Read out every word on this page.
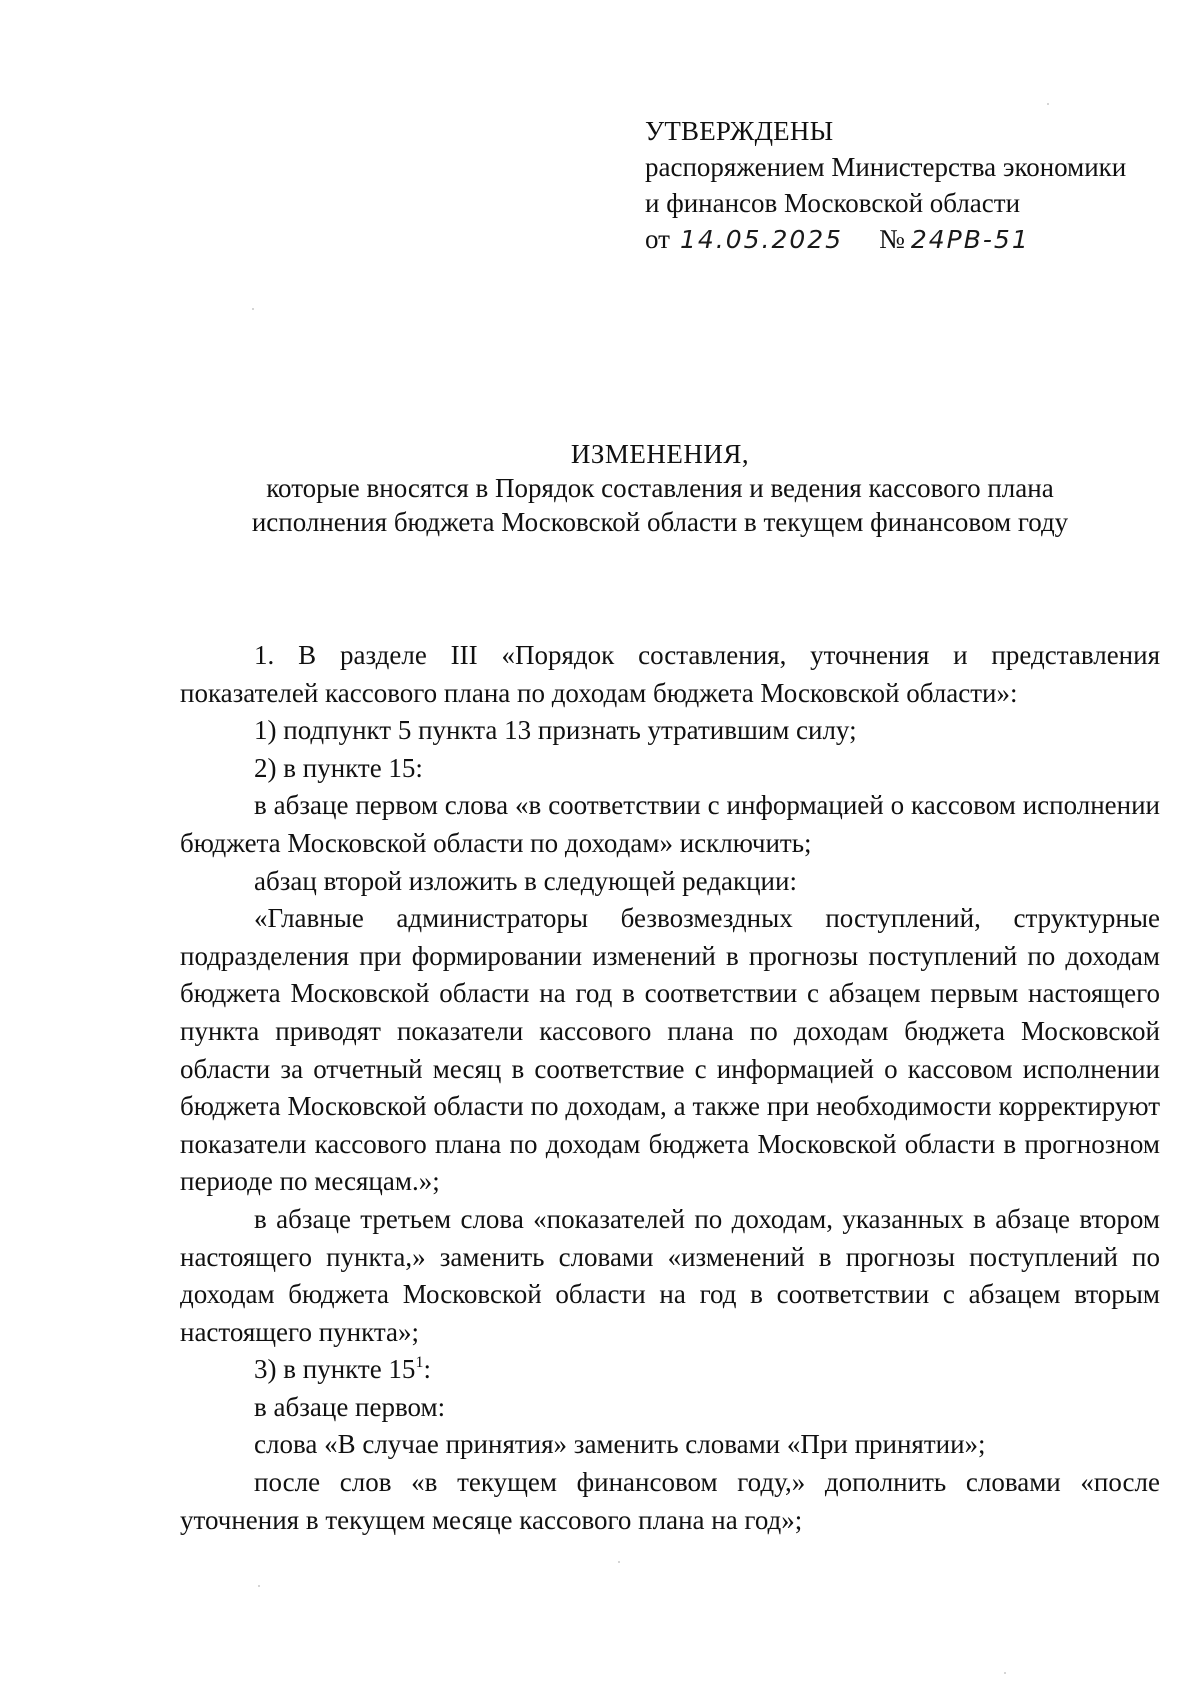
УТВЕРЖДЕНЫ
распоряжением Министерства экономики
и финансов Московской области
от 14.05.2025 № 24РВ-51
ИЗМЕНЕНИЯ,
которые вносятся в Порядок составления и ведения кассового плана
исполнения бюджета Московской области в текущем финансовом году

1. В разделе III «Порядок составления, уточнения и представления показателей кассового плана по доходам бюджета Московской области»:

1) подпункт 5 пункта 13 признать утратившим силу;

2) в пункте 15:

в абзаце первом слова «в соответствии с информацией о кассовом исполнении бюджета Московской области по доходам» исключить;

абзац второй изложить в следующей редакции:

«Главные администраторы безвозмездных поступлений, структурные подразделения при формировании изменений в прогнозы поступлений по доходам бюджета Московской области на год в соответствии с абзацем первым настоящего пункта приводят показатели кассового плана по доходам бюджета Московской области за отчетный месяц в соответствие с информацией о кассовом исполнении бюджета Московской области по доходам, а также при необходимости корректируют показатели кассового плана по доходам бюджета Московской области в прогнозном периоде по месяцам.»;

в абзаце третьем слова «показателей по доходам, указанных в абзаце втором настоящего пункта,» заменить словами «изменений в прогнозы поступлений по доходам бюджета Московской области на год в соответствии с абзацем вторым настоящего пункта»;

3) в пункте $15^1$:

в абзаце первом:

слова «В случае принятия» заменить словами «При принятии»;

после слов «в текущем финансовом году,» дополнить словами «после уточнения в текущем месяце кассового плана на год»;
